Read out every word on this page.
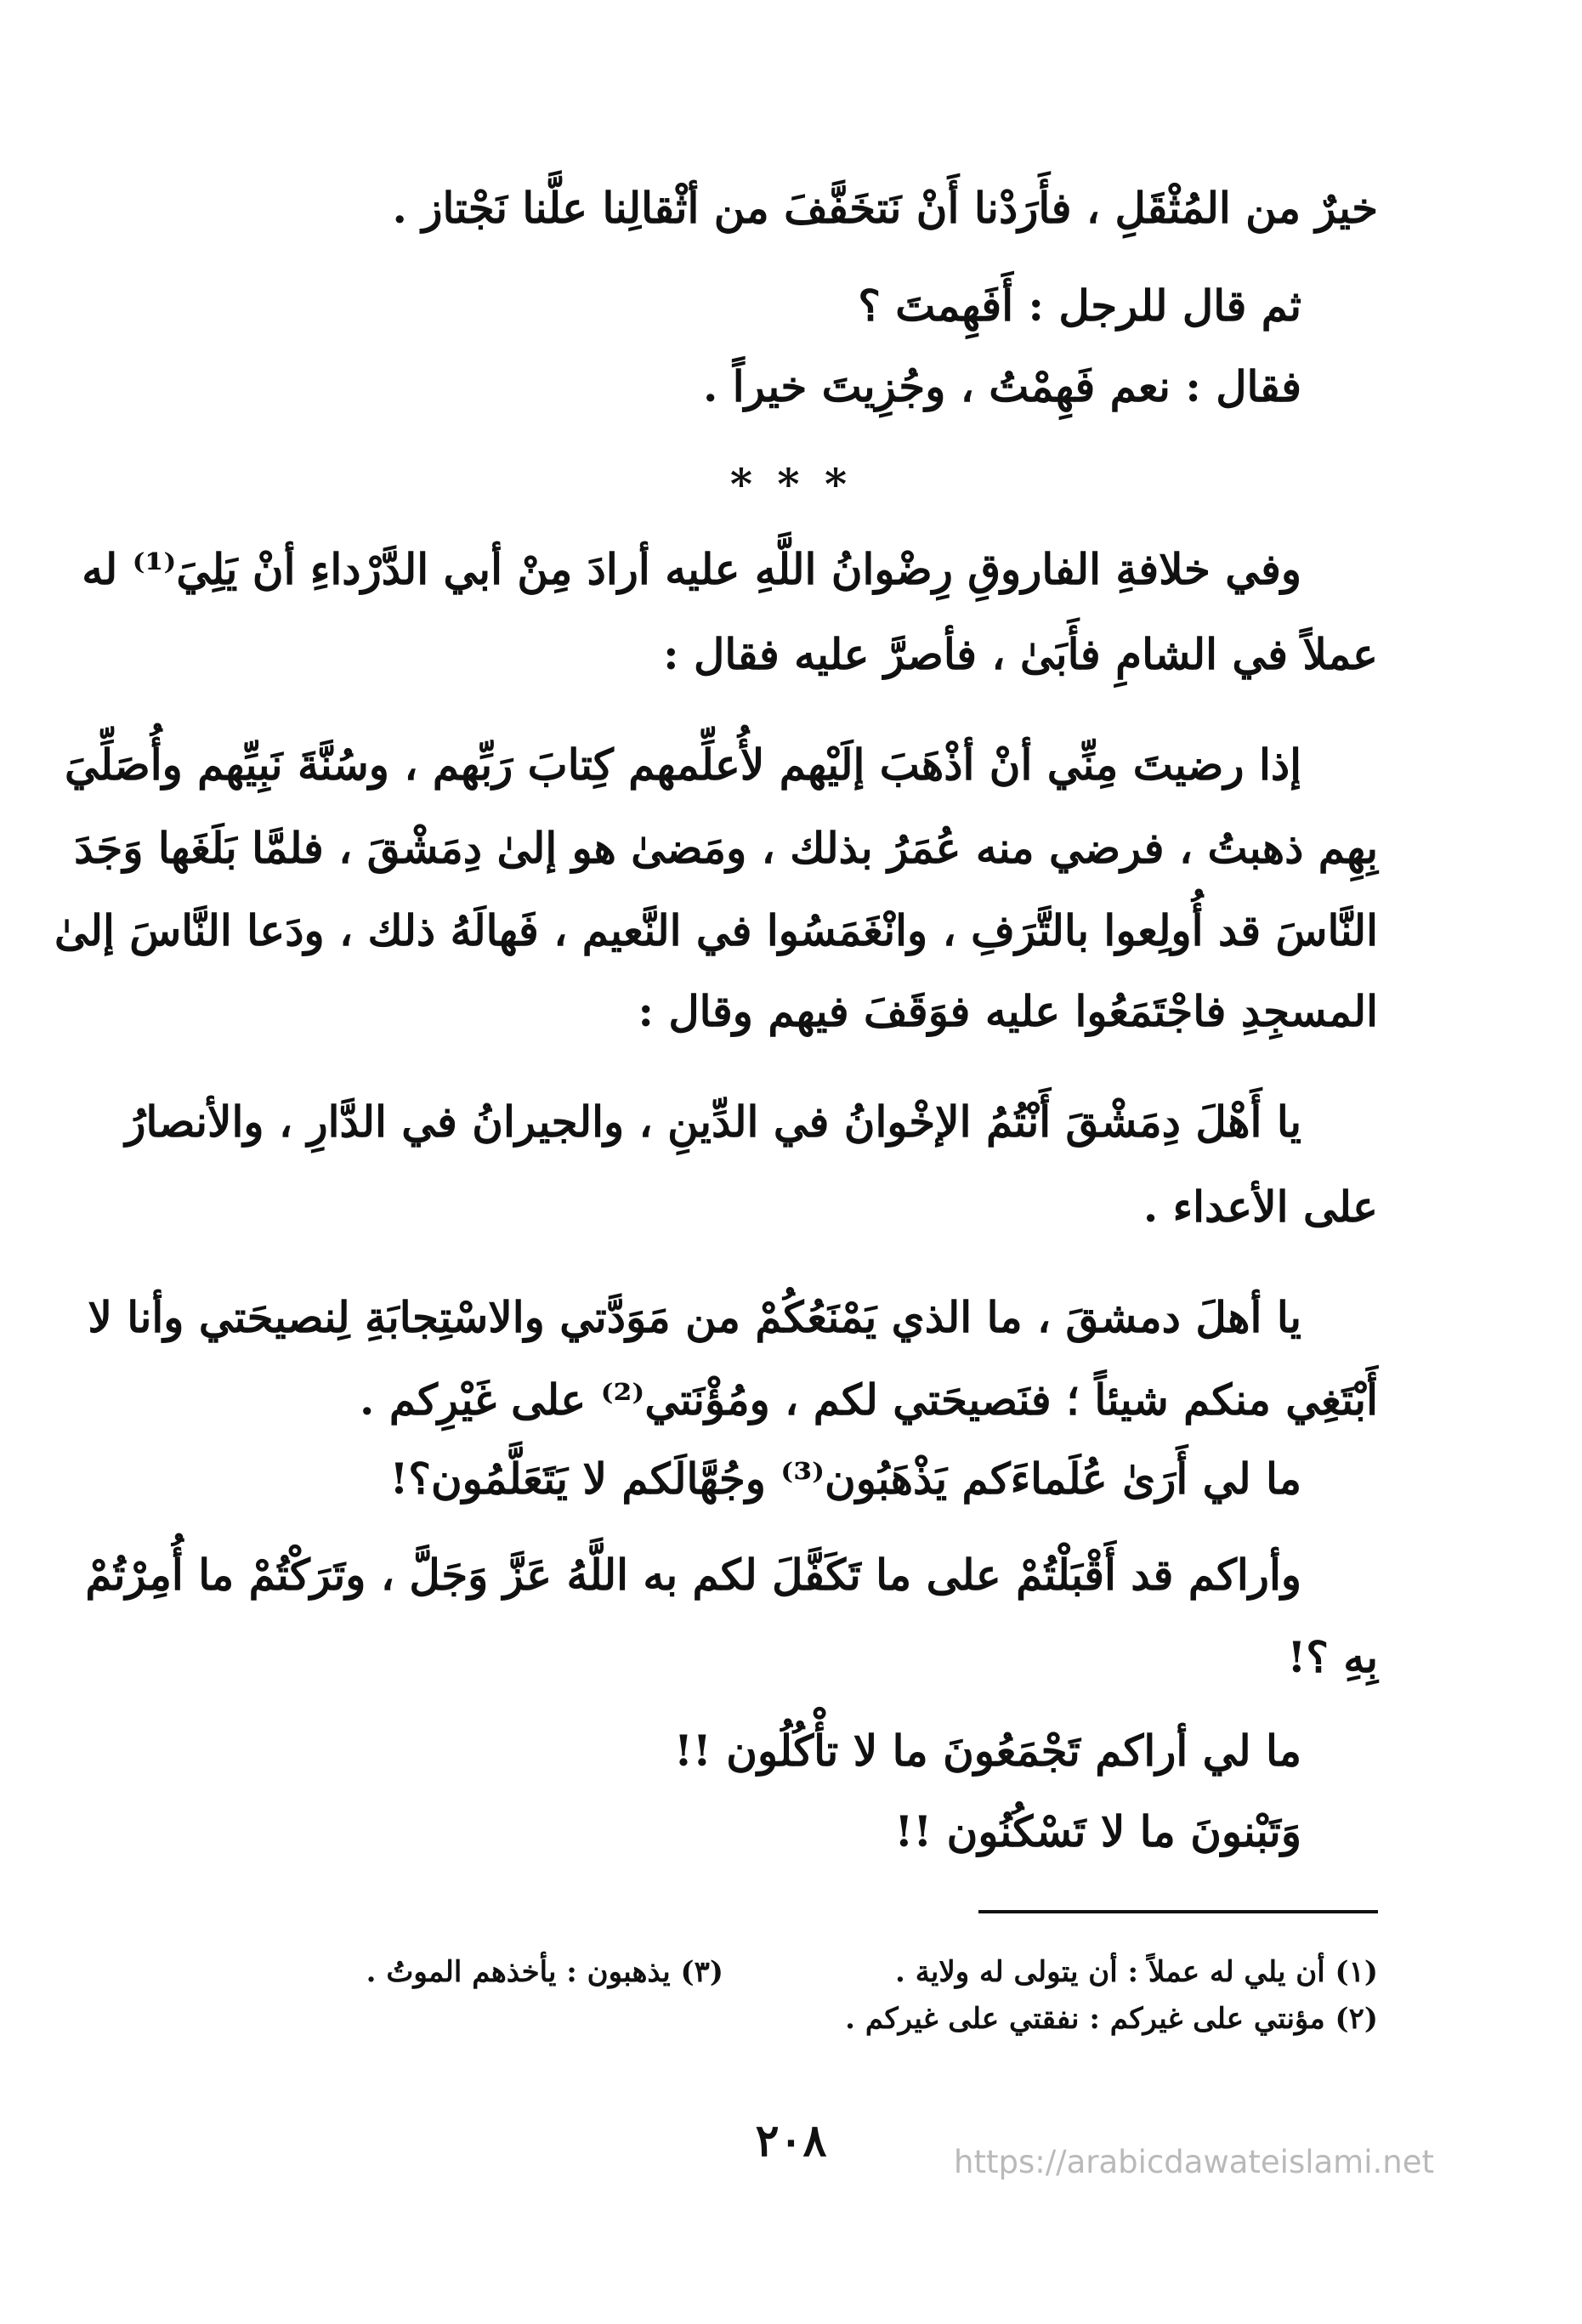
خيرٌ من المُثْقَلِ ، فأَرَدْنا أَنْ نَتخَفَّفَ من أثْقالِنا علَّنا نَجْتاز .
ثم قال للرجل : أَفَهِمتَ ؟
فقال : نعم فَهِمْتُ ، وجُزِيتَ خيراً .
* * *
وفي خلافةِ الفاروقِ رِضْوانُ اللَّهِ عليه أرادَ مِنْ أبي الدَّرْداءِ أنْ يَلِيَ⁽¹⁾ له
عملاً في الشامِ فأَبَىٰ ، فأصرَّ عليه فقال :
إذا رضيتَ مِنِّي أنْ أذْهَبَ إلَيْهم لأُعلِّمهم كِتابَ رَبِّهم ، وسُنَّةَ نَبِيِّهم وأُصَلِّيَ
بِهِم ذهبتُ ، فرضي منه عُمَرُ بذلك ، ومَضىٰ هو إلىٰ دِمَشْقَ ، فلمَّا بَلَغَها وَجَدَ
النَّاسَ قد أُولِعوا بالتَّرَفِ ، وانْغَمَسُوا في النَّعيم ، فَهالَهُ ذلك ، ودَعا النَّاسَ إلىٰ
المسجِدِ فاجْتَمَعُوا عليه فوَقَفَ فيهم وقال :
يا أَهْلَ دِمَشْقَ أَنْتُمُ الإخْوانُ في الدِّينِ ، والجيرانُ في الدَّارِ ، والأنصارُ
على الأعداء .
يا أهلَ دمشقَ ، ما الذي يَمْنَعُكُمْ من مَوَدَّتي والاسْتِجابَةِ لِنصيحَتي وأنا لا
أَبْتَغِي منكم شيئاً ؛ فنَصيحَتي لكم ، ومُؤْنَتي⁽²⁾ على غَيْرِكم .
ما لي أَرَىٰ عُلَماءَكم يَذْهَبُون⁽³⁾ وجُهَّالَكم لا يَتَعَلَّمُون؟!
وأراكم قد أَقْبَلْتُمْ على ما تَكَفَّلَ لكم به اللَّهُ عَزَّ وَجَلَّ ، وتَرَكْتُمْ ما أُمِرْتُمْ
بِهِ ؟!
ما لي أراكم تَجْمَعُونَ ما لا تأْكُلُون !!
وَتَبْنونَ ما لا تَسْكُنُون !!
(١) أن يلي له عملاً : أن يتولى له ولاية .
(٢) مؤنتي على غيركم : نفقتي على غيركم .
(٣) يذهبون : يأخذهم الموتُ .
٢٠٨	https://arabicdawateislami.net
